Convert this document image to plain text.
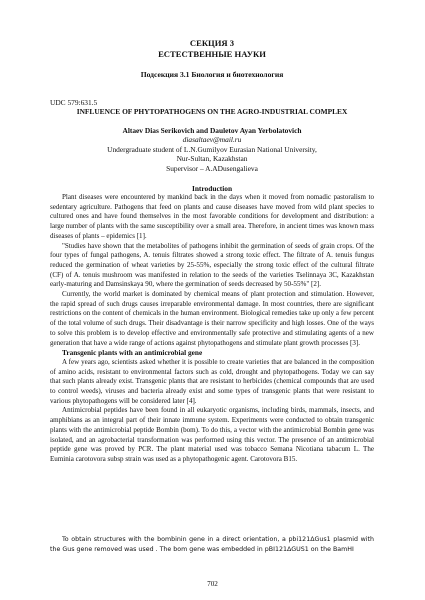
СЕКЦИЯ 3
ЕСТЕСТВЕННЫЕ НАУКИ
Подсекция 3.1 Биология и биотехнология
UDC 579:631.5
INFLUENCE OF PHYTOPATHOGENS ON THE AGRO-INDUSTRIAL COMPLEX
Altaev Dias Serikovich and Dauletov Ayan Yerbolatovich
diasaltaev@mail.ru
Undergraduate student of L.N.Gumilyov Eurasian National University,
Nur-Sultan, Kazakhstan
Supervisor – A.ADusengalieva
Introduction

Plant diseases were encountered by mankind back in the days when it moved from nomadic pastoralism to sedentary agriculture. Pathogens that feed on plants and cause diseases have moved from wild plant species to cultured ones and have found themselves in the most favorable conditions for development and distribution: a large number of plants with the same susceptibility over a small area. Therefore, in ancient times was known mass diseases of plants – epidemics [1].

"Studies have shown that the metabolites of pathogens inhibit the germination of seeds of grain crops. Of the four types of fungal pathogens, A. tenuis filtrates showed a strong toxic effect. The filtrate of A. tenuis fungus reduced the germination of wheat varieties by 25-55%, especially the strong toxic effect of the cultural filtrate (CF) of A. tenuis mushroom was manifested in relation to the seeds of the varieties Tselinnaya 3C, Kazakhstan early-maturing and Damsinskaya 90, where the germination of seeds decreased by 50-55%" [2].

Currently, the world market is dominated by chemical means of plant protection and stimulation. However, the rapid spread of such drugs causes irreparable environmental damage. In most countries, there are significant restrictions on the content of chemicals in the human environment. Biological remedies take up only a few percent of the total volume of such drugs. Their disadvantage is their narrow specificity and high losses. One of the ways to solve this problem is to develop effective and environmentally safe protective and stimulating agents of a new generation that have a wide range of actions against phytopathogens and stimulate plant growth processes [3].

Transgenic plants with an antimicrobial gene

A few years ago, scientists asked whether it is possible to create varieties that are balanced in the composition of amino acids, resistant to environmental factors such as cold, drought and phytopathogens. Today we can say that such plants already exist. Transgenic plants that are resistant to herbicides (chemical compounds that are used to control weeds), viruses and bacteria already exist and some types of transgenic plants that were resistant to various phytopathogens will be considered later [4].

Antimicrobial peptides have been found in all eukaryotic organisms, including birds, mammals, insects, and amphibians as an integral part of their innate immune system. Experiments were conducted to obtain transgenic plants with the antimicrobial peptide Bombin (bom). To do this, a vector with the antimicrobial Bombin gene was isolated, and an agrobacterial transformation was performed using this vector. The presence of an antimicrobial peptide gene was proved by PCR. The plant material used was tobacco Semana Nicotiana tabacum L. The Euminia carotovora subsp strain was used as a phytopathogenic agent. Carotovora B15.

To obtain structures with the bombinin gene in a direct orientation, a pbi121ΔGus1 plasmid with the Gus gene removed was used . The bom gene was embedded in pBI121ΔGUS1 on the BamHI

702
